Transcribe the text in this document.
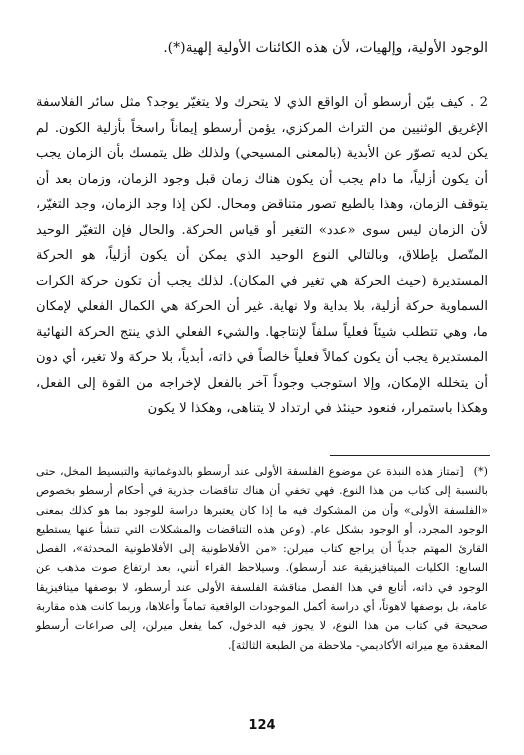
الوجود الأولية، وإلهيات، لأن هذه الكائنات الأولية إلهية(*).
2 .كيف بيّن أرسطو أن الواقع الذي لا يتحرك ولا يتغيّر يوجد؟ مثل سائر الفلاسفة الإغريق الوثنيين من التراث المركزي، يؤمن أرسطو إيماناً راسخاً بأزلية الكون. لم يكن لديه تصوّر عن الأبدية (بالمعنى المسيحي) ولذلك ظل يتمسك بأن الزمان يجب أن يكون أزلياً، ما دام يجب أن يكون هناك زمان قبل وجود الزمان، وزمان بعد أن يتوقف الزمان، وهذا بالطبع تصور متناقض ومحال. لكن إذا وجد الزمان، وجد التغيّر، لأن الزمان ليس سوى «عدد» التغير أو قياس الحركة. والحال فإن التغيّر الوحيد المتّصل بإطلاق، وبالتالي النوع الوحيد الذي يمكن أن يكون أزلياً، هو الحركة المستديرة (حيث الحركة هي تغير في المكان). لذلك يجب أن تكون حركة الكرات السماوية حركة أزلية، بلا بداية ولا نهاية. غير أن الحركة هي الكمال الفعلي لإمكان ما، وهي تتطلب شيئاً فعلياً سلفاً لإنتاجها. والشيء الفعلي الذي ينتج الحركة النهائية المستديرة يجب أن يكون كمالاً فعلياً خالصاً في ذاته، أبدياً، بلا حركة ولا تغير، أي دون أن يتخلله الإمكان، وإلا استوجب وجوداً آخر بالفعل لإخراجه من القوة إلى الفعل، وهكذا باستمرار، فنعود حينئذ في ارتداد لا يتناهى، وهكذا لا يكون
(*)[تمتاز هذه النبذة عن موضوع الفلسفة الأولى عند أرسطو بالدوغماتية والتبسيط المخل، حتى بالنسبة إلى كتاب من هذا النوع. فهي تخفي أن هناك تناقضات جذرية في أحكام أرسطو بخصوص «الفلسفة الأولى» وأن من المشكوك فيه ما إذا كان يعتبرها دراسة للوجود بما هو كذلك بمعنى الوجود المجرد، أو الوجود بشكل عام. (وعن هذه التناقضات والمشكلات التي تنشأ عنها يستطيع القارئ المهتم جدياً أن يراجع كتاب ميرلن: «من الأفلاطونية إلى الأفلاطونية المحدثة»، الفصل السابع: الكليات الميتافيزيقية عند أرسطو). وسيلاحظ القراء أنني، بعد ارتفاع صوت مذهب عن الوجود في ذاته، أتابع في هذا الفصل مناقشة الفلسفة الأولى عند أرسطو، لا بوصفها ميتافيزيقا عامة، بل بوصفها لاهوتاً، أي دراسة أكمل الموجودات الواقعية تماماً وأعلاها، وربما كانت هذه مقاربة صحيحة في كتاب من هذا النوع، لا يجوز فيه الدخول، كما يفعل ميرلن، إلى صراعات أرسطو المعقدة مع ميراثه الأكاديمي- ملاحظة من الطبعة الثالثة].
124
